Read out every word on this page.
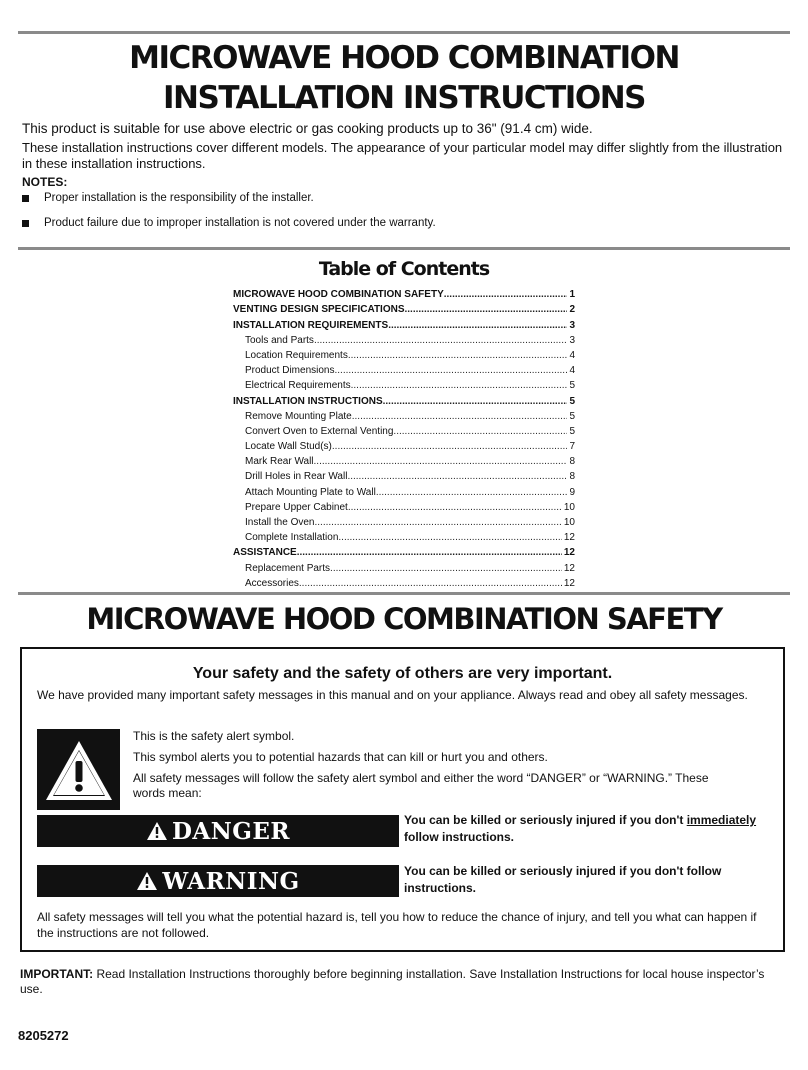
MICROWAVE HOOD COMBINATION
INSTALLATION INSTRUCTIONS

This product is suitable for use above electric or gas cooking products up to 36" (91.4 cm) wide.

These installation instructions cover different models. The appearance of your particular model may differ slightly from the illustration in these installation instructions.

NOTES:
Proper installation is the responsibility of the installer.
Product failure due to improper installation is not covered under the warranty.
Table of Contents
MICROWAVE HOOD COMBINATION SAFETY .....	1
VENTING DESIGN SPECIFICATIONS .....	2
INSTALLATION REQUIREMENTS .....	3
Tools and Parts .....	3
Location Requirements .....	4
Product Dimensions .....	4
Electrical Requirements .....	5
INSTALLATION INSTRUCTIONS .....	5
Remove Mounting Plate .....	5
Convert Oven to External Venting .....	5
Locate Wall Stud(s) .....	7
Mark Rear Wall .....	8
Drill Holes in Rear Wall .....	8
Attach Mounting Plate to Wall .....	9
Prepare Upper Cabinet .....	10
Install the Oven .....	10
Complete Installation .....	12
ASSISTANCE .....	12
Replacement Parts .....	12
Accessories .....	12
MICROWAVE HOOD COMBINATION SAFETY
Your safety and the safety of others are very important.
We have provided many important safety messages in this manual and on your appliance. Always read and obey all safety messages.

This is the safety alert symbol.

This symbol alerts you to potential hazards that can kill or hurt you and others.

All safety messages will follow the safety alert symbol and either the word “DANGER” or “WARNING.” These words mean:

DANGER	You can be killed or seriously injured if you don't immediately follow instructions.
WARNING	You can be killed or seriously injured if you don't follow instructions.
All safety messages will tell you what the potential hazard is, tell you how to reduce the chance of injury, and tell you what can happen if the instructions are not followed.
IMPORTANT: Read Installation Instructions thoroughly before beginning installation. Save Installation Instructions for local house inspector’s use.
8205272
